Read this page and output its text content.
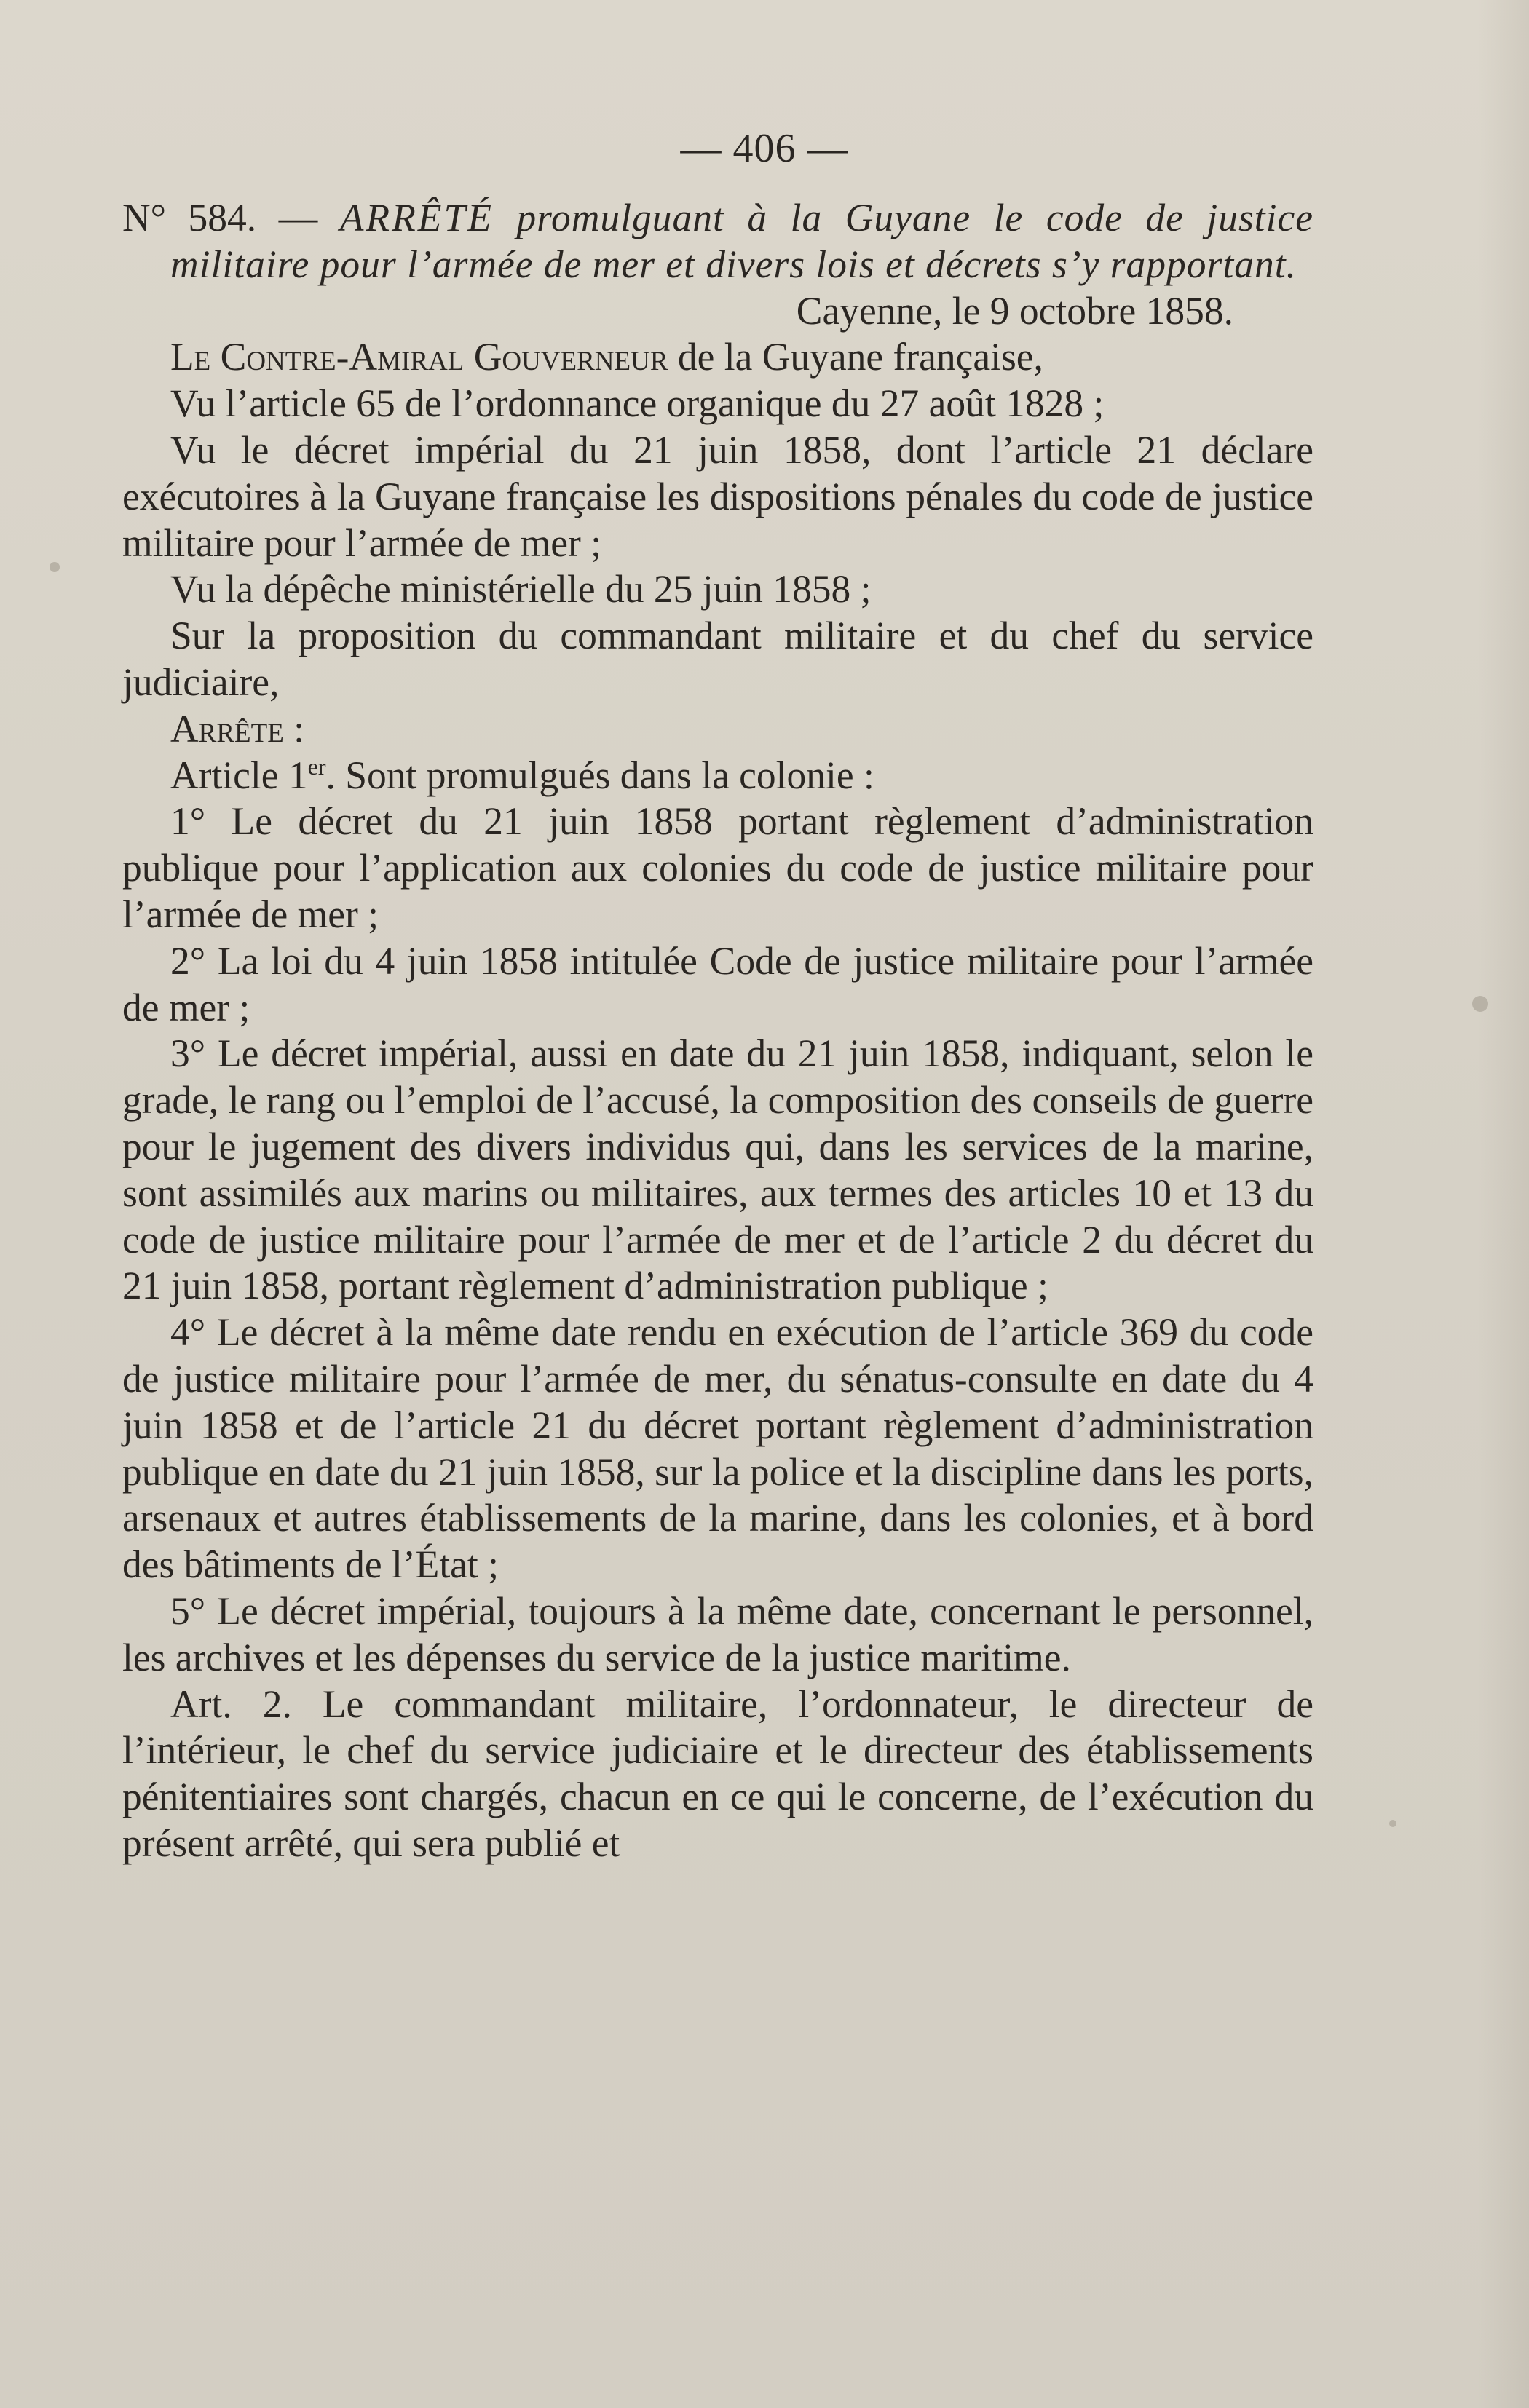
— 406 —

N° 584. — ARRÊTÉ promulguant à la Guyane le code de justice militaire pour l’armée de mer et divers lois et décrets s’y rapportant.

Cayenne, le 9 octobre 1858.

Le Contre-Amiral Gouverneur de la Guyane française,

Vu l’article 65 de l’ordonnance organique du 27 août 1828 ;

Vu le décret impérial du 21 juin 1858, dont l’article 21 déclare exécutoires à la Guyane française les dispositions pénales du code de justice militaire pour l’armée de mer ;

Vu la dépêche ministérielle du 25 juin 1858 ;

Sur la proposition du commandant militaire et du chef du service judiciaire,

Arrête :

Article 1er. Sont promulgués dans la colonie :

1° Le décret du 21 juin 1858 portant règlement d’administration publique pour l’application aux colonies du code de justice militaire pour l’armée de mer ;

2° La loi du 4 juin 1858 intitulée Code de justice militaire pour l’armée de mer ;

3° Le décret impérial, aussi en date du 21 juin 1858, indiquant, selon le grade, le rang ou l’emploi de l’accusé, la composition des conseils de guerre pour le jugement des divers individus qui, dans les services de la marine, sont assimilés aux marins ou militaires, aux termes des articles 10 et 13 du code de justice militaire pour l’armée de mer et de l’article 2 du décret du 21 juin 1858, portant règlement d’administration publique ;

4° Le décret à la même date rendu en exécution de l’article 369 du code de justice militaire pour l’armée de mer, du sénatus-consulte en date du 4 juin 1858 et de l’article 21 du décret portant règlement d’administration publique en date du 21 juin 1858, sur la police et la discipline dans les ports, arsenaux et autres établissements de la marine, dans les colonies, et à bord des bâtiments de l’État ;

5° Le décret impérial, toujours à la même date, concernant le personnel, les archives et les dépenses du service de la justice maritime.

Art. 2. Le commandant militaire, l’ordonnateur, le directeur de l’intérieur, le chef du service judiciaire et le directeur des établissements pénitentiaires sont chargés, chacun en ce qui le concerne, de l’exécution du présent arrêté, qui sera publié et
